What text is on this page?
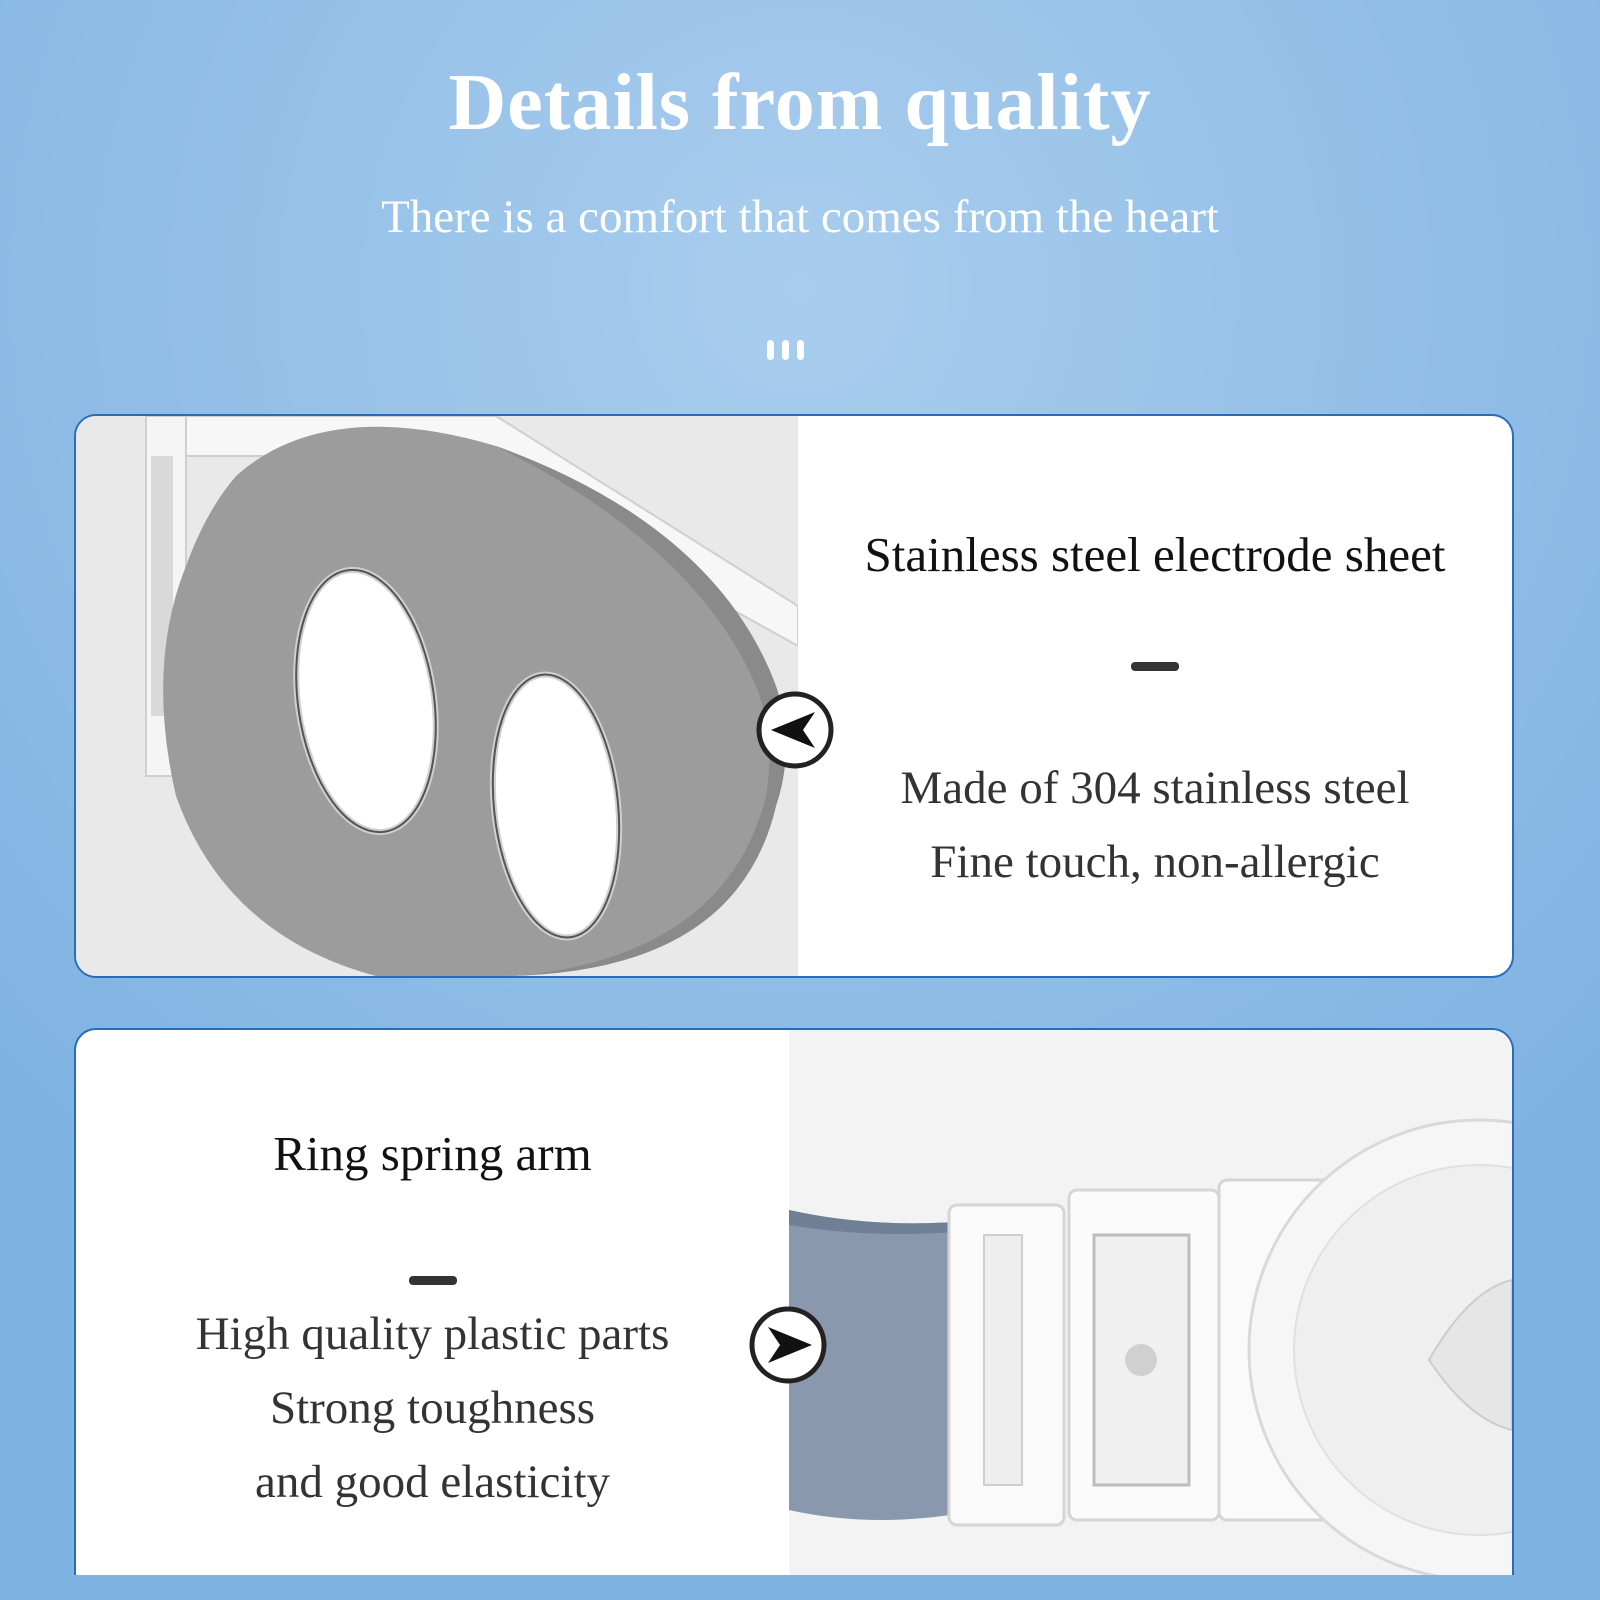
Details from quality
There is a comfort that comes from the heart
Stainless steel electrode sheet
Made of 304 stainless steel
Fine touch, non-allergic
Ring spring arm
High quality plastic parts
Strong toughness
and good elasticity
